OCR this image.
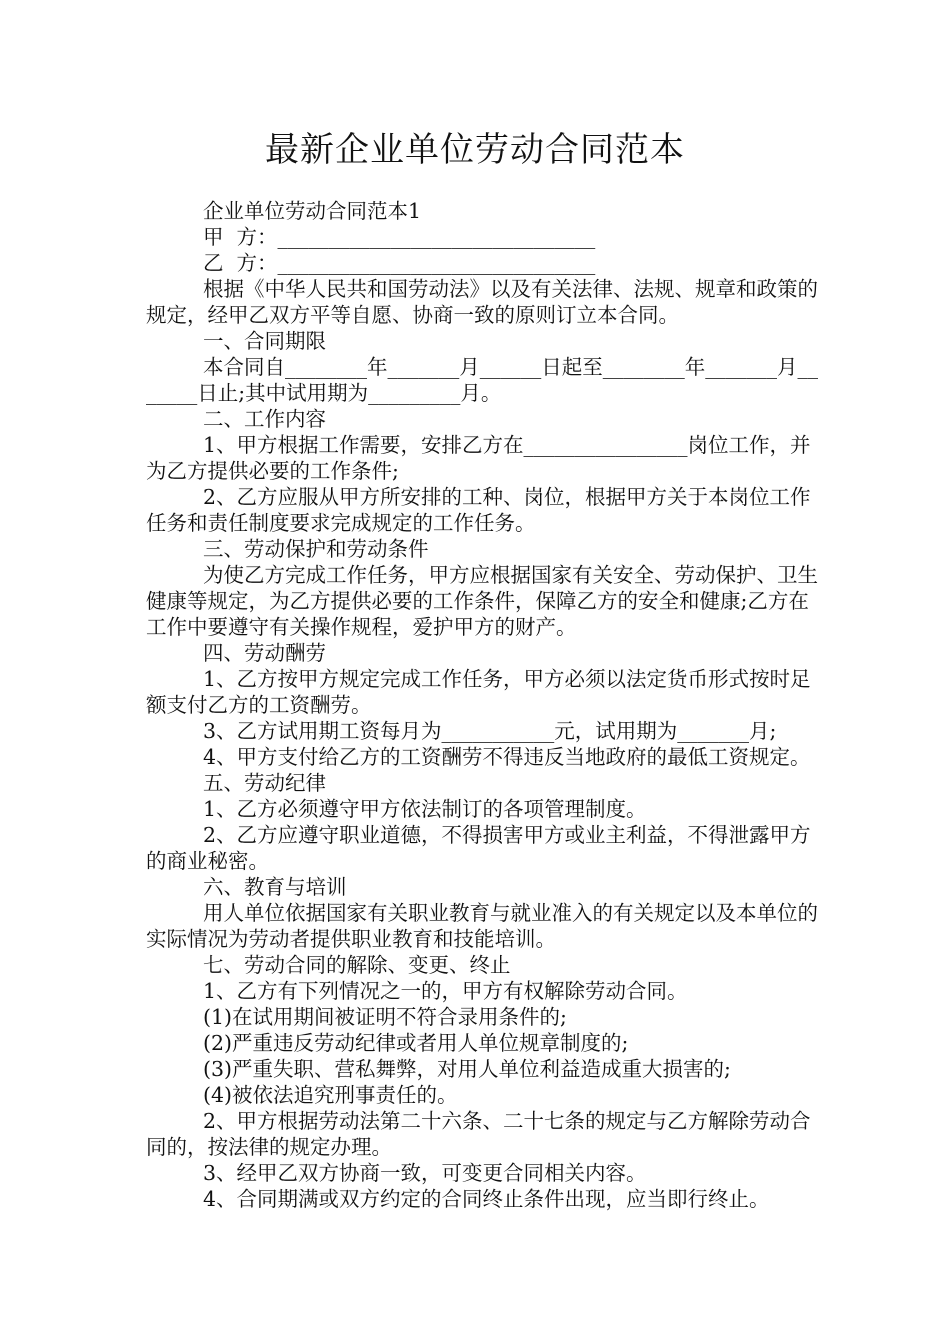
最新企业单位劳动合同范本

企业单位劳动合同范本1

甲  方：_______________________________

乙  方：_______________________________

根据《中华人民共和国劳动法》以及有关法律、法规、规章和政策的规定，经甲乙双方平等自愿、协商一致的原则订立本合同。

一、合同期限

本合同自________年_______月______日起至________年_______月_______日止;其中试用期为_________月。

二、工作内容

1、甲方根据工作需要，安排乙方在________________岗位工作，并为乙方提供必要的工作条件;

2、乙方应服从甲方所安排的工种、岗位，根据甲方关于本岗位工作任务和责任制度要求完成规定的工作任务。

三、劳动保护和劳动条件

为使乙方完成工作任务，甲方应根据国家有关安全、劳动保护、卫生健康等规定，为乙方提供必要的工作条件，保障乙方的安全和健康;乙方在工作中要遵守有关操作规程，爱护甲方的财产。

四、劳动酬劳

1、乙方按甲方规定完成工作任务，甲方必须以法定货币形式按时足额支付乙方的工资酬劳。

3、乙方试用期工资每月为___________元，试用期为_______月;

4、甲方支付给乙方的工资酬劳不得违反当地政府的最低工资规定。

五、劳动纪律

1、乙方必须遵守甲方依法制订的各项管理制度。

2、乙方应遵守职业道德，不得损害甲方或业主利益，不得泄露甲方的商业秘密。

六、教育与培训

用人单位依据国家有关职业教育与就业准入的有关规定以及本单位的实际情况为劳动者提供职业教育和技能培训。

七、劳动合同的解除、变更、终止

1、乙方有下列情况之一的，甲方有权解除劳动合同。

(1)在试用期间被证明不符合录用条件的;

(2)严重违反劳动纪律或者用人单位规章制度的;

(3)严重失职、营私舞弊，对用人单位利益造成重大损害的;

(4)被依法追究刑事责任的。

2、甲方根据劳动法第二十六条、二十七条的规定与乙方解除劳动合同的，按法律的规定办理。

3、经甲乙双方协商一致，可变更合同相关内容。

4、合同期满或双方约定的合同终止条件出现，应当即行终止。
